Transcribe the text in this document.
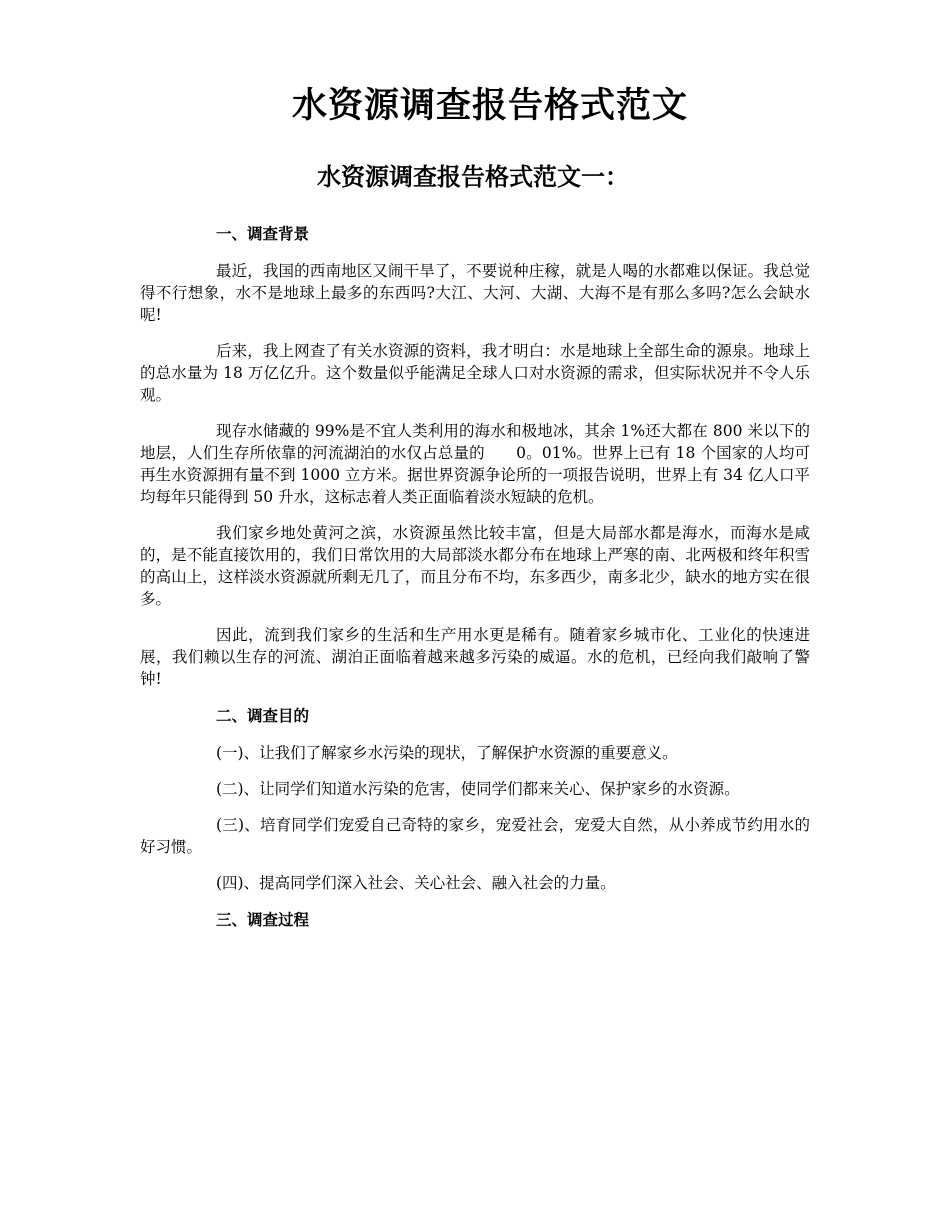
水资源调查报告格式范文
水资源调查报告格式范文一：
一、调查背景

最近，我国的西南地区又闹干旱了，不要说种庄稼，就是人喝的水都难以保证。我总觉得不行想象，水不是地球上最多的东西吗?大江、大河、大湖、大海不是有那么多吗?怎么会缺水呢!

后来，我上网查了有关水资源的资料，我才明白：水是地球上全部生命的源泉。地球上的总水量为 18 万亿亿升。这个数量似乎能满足全球人口对水资源的需求，但实际状况并不令人乐观。

现存水储藏的 99%是不宜人类利用的海水和极地冰，其余 1%还大都在 800 米以下的地层，人们生存所依靠的河流湖泊的水仅占总量的　　0。01%。世界上已有 18 个国家的人均可再生水资源拥有量不到 1000 立方米。据世界资源争论所的一项报告说明，世界上有 34 亿人口平均每年只能得到 50 升水，这标志着人类正面临着淡水短缺的危机。

我们家乡地处黄河之滨，水资源虽然比较丰富，但是大局部水都是海水，而海水是咸的，是不能直接饮用的，我们日常饮用的大局部淡水都分布在地球上严寒的南、北两极和终年积雪的高山上，这样淡水资源就所剩无几了，而且分布不均，东多西少，南多北少，缺水的地方实在很多。

因此，流到我们家乡的生活和生产用水更是稀有。随着家乡城市化、工业化的快速进展，我们赖以生存的河流、湖泊正面临着越来越多污染的威逼。水的危机，已经向我们敲响了警钟!

二、调查目的

(一)、让我们了解家乡水污染的现状，了解保护水资源的重要意义。

(二)、让同学们知道水污染的危害，使同学们都来关心、保护家乡的水资源。

(三)、培育同学们宠爱自己奇特的家乡，宠爱社会，宠爱大自然，从小养成节约用水的好习惯。

(四)、提高同学们深入社会、关心社会、融入社会的力量。

三、调查过程
